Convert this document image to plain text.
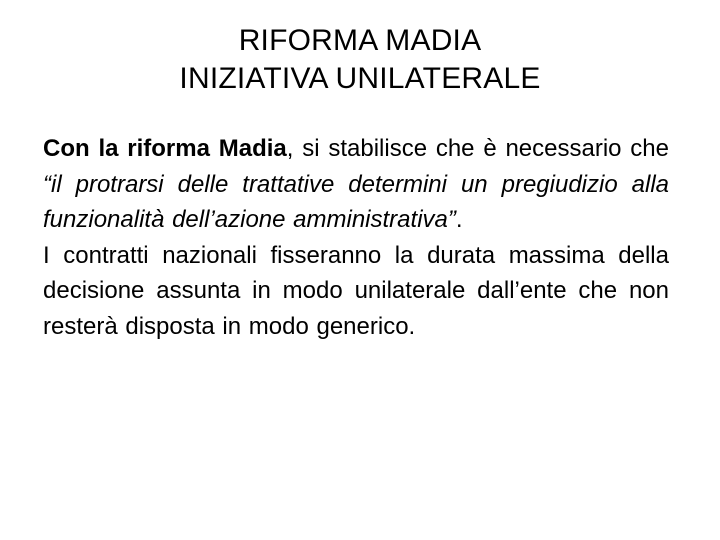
RIFORMA MADIA
INIZIATIVA UNILATERALE

Con la riforma Madia, si stabilisce che è necessario che “il protrarsi delle trattative determini un pregiudizio alla funzionalità dell’azione amministrativa”.

I contratti nazionali fisseranno la durata massima della decisione assunta in modo unilaterale dall’ente che non resterà disposta in modo generico.
